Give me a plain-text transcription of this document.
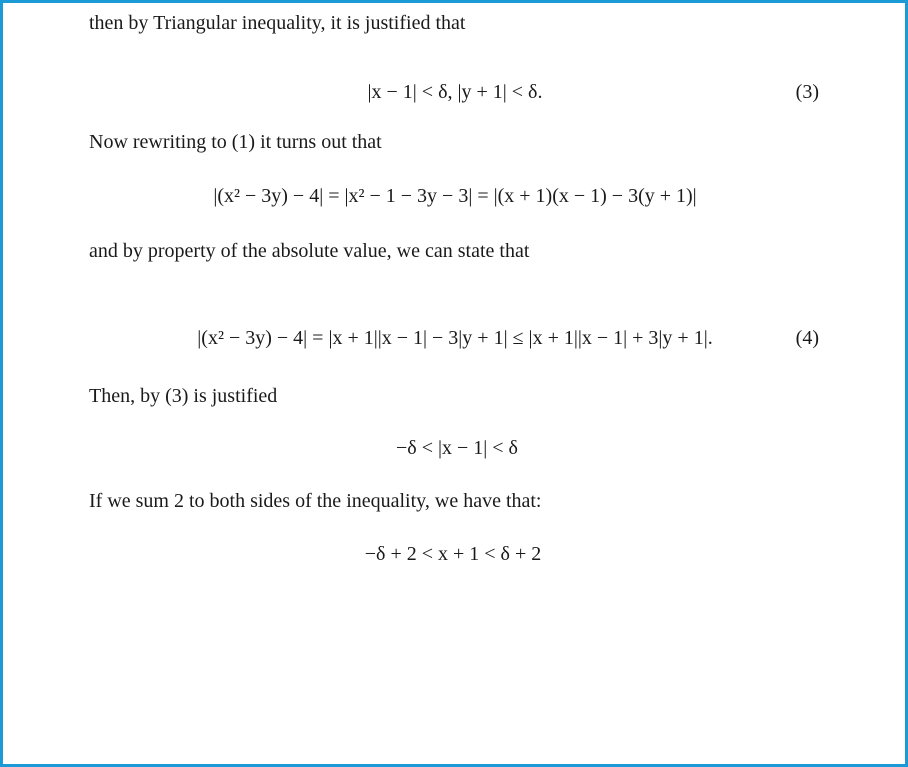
then by Triangular inequality, it is justified that
|x − 1| < δ, |y + 1| < δ.	(3)
Now rewriting to (1) it turns out that
|(x² − 3y) − 4| = |x² − 1 − 3y − 3| = |(x + 1)(x − 1) − 3(y + 1)|
and by property of the absolute value, we can state that
|(x² − 3y) − 4| = |x + 1||x − 1| − 3|y + 1| ≤ |x + 1||x − 1| + 3|y + 1|.	(4)
Then, by (3) is justified
−δ < |x − 1| < δ
If we sum 2 to both sides of the inequality, we have that:
−δ + 2 < x + 1 < δ + 2
